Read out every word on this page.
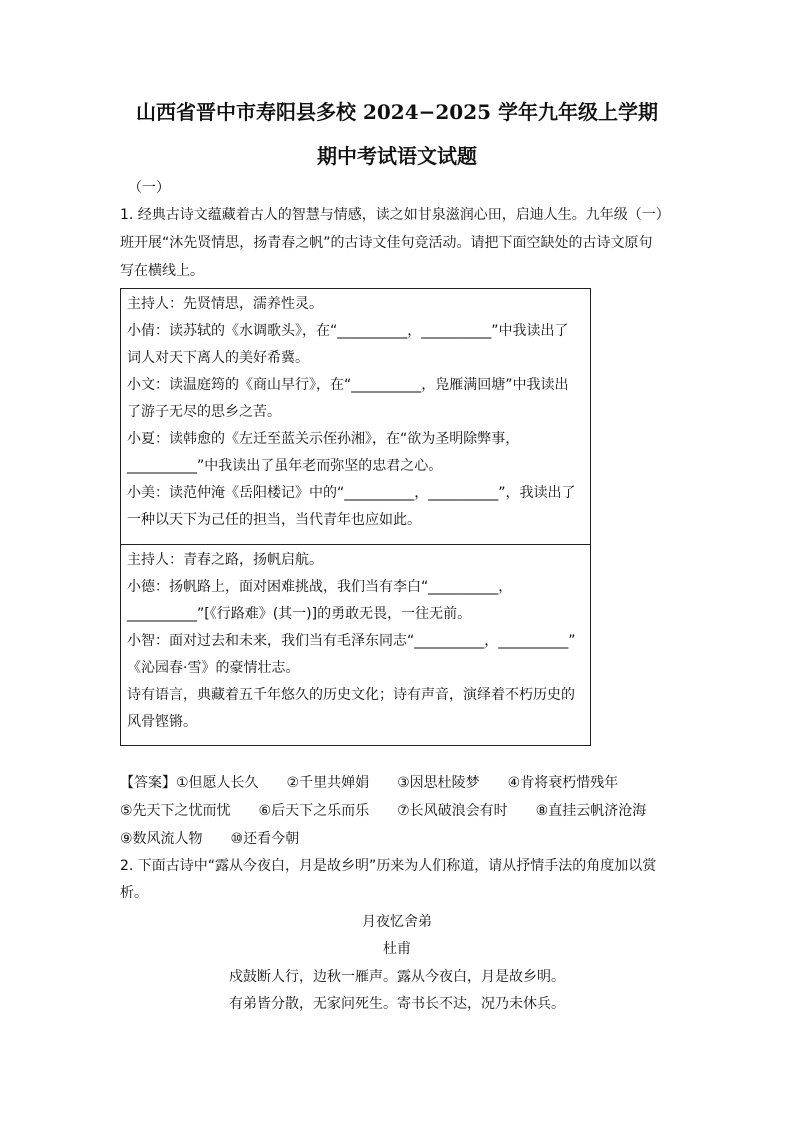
山西省晋中市寿阳县多校 2024−2025 学年九年级上学期
期中考试语文试题
（一）
1. 经典古诗文蕴藏着古人的智慧与情感，读之如甘泉滋润心田，启迪人生。九年级（一）
班开展“沐先贤情思，扬青春之帆”的古诗文佳句竞活动。请把下面空缺处的古诗文原句
写在横线上。
主持人：先贤情思，濡养性灵。
小倩：读苏轼的《水调歌头》，在“__________，__________”中我读出了
词人对天下离人的美好希冀。
小文：读温庭筠的《商山早行》，在“__________，凫雁满回塘”中我读出
了游子无尽的思乡之苦。
小夏：读韩愈的《左迁至蓝关示侄孙湘》，在“欲为圣明除弊事，
__________”中我读出了虽年老而弥坚的忠君之心。
小美：读范仲淹《岳阳楼记》中的“__________，__________”，我读出了
一种以天下为己任的担当，当代青年也应如此。
主持人：青春之路，扬帆启航。
小德：扬帆路上，面对困难挑战，我们当有李白“__________，
__________”[《行路难》(其一)]的勇敢无畏，一往无前。
小智：面对过去和未来，我们当有毛泽东同志“__________，__________”
《沁园春·雪》的豪情壮志。
诗有语言，典藏着五千年悠久的历史文化；诗有声音，演绎着不朽历史的
风骨铿锵。
【答案】①但愿人长久　　②千里共婵娟　　③因思杜陵梦　　④肯将衰朽惜残年
⑤先天下之忧而忧　　⑥后天下之乐而乐　　⑦长风破浪会有时　　⑧直挂云帆济沧海
⑨数风流人物　　⑩还看今朝
2. 下面古诗中“露从今夜白，月是故乡明”历来为人们称道，请从抒情手法的角度加以赏
析。
月夜忆舍弟
杜甫
戍鼓断人行，边秋一雁声。露从今夜白，月是故乡明。
有弟皆分散，无家问死生。寄书长不达，况乃未休兵。
